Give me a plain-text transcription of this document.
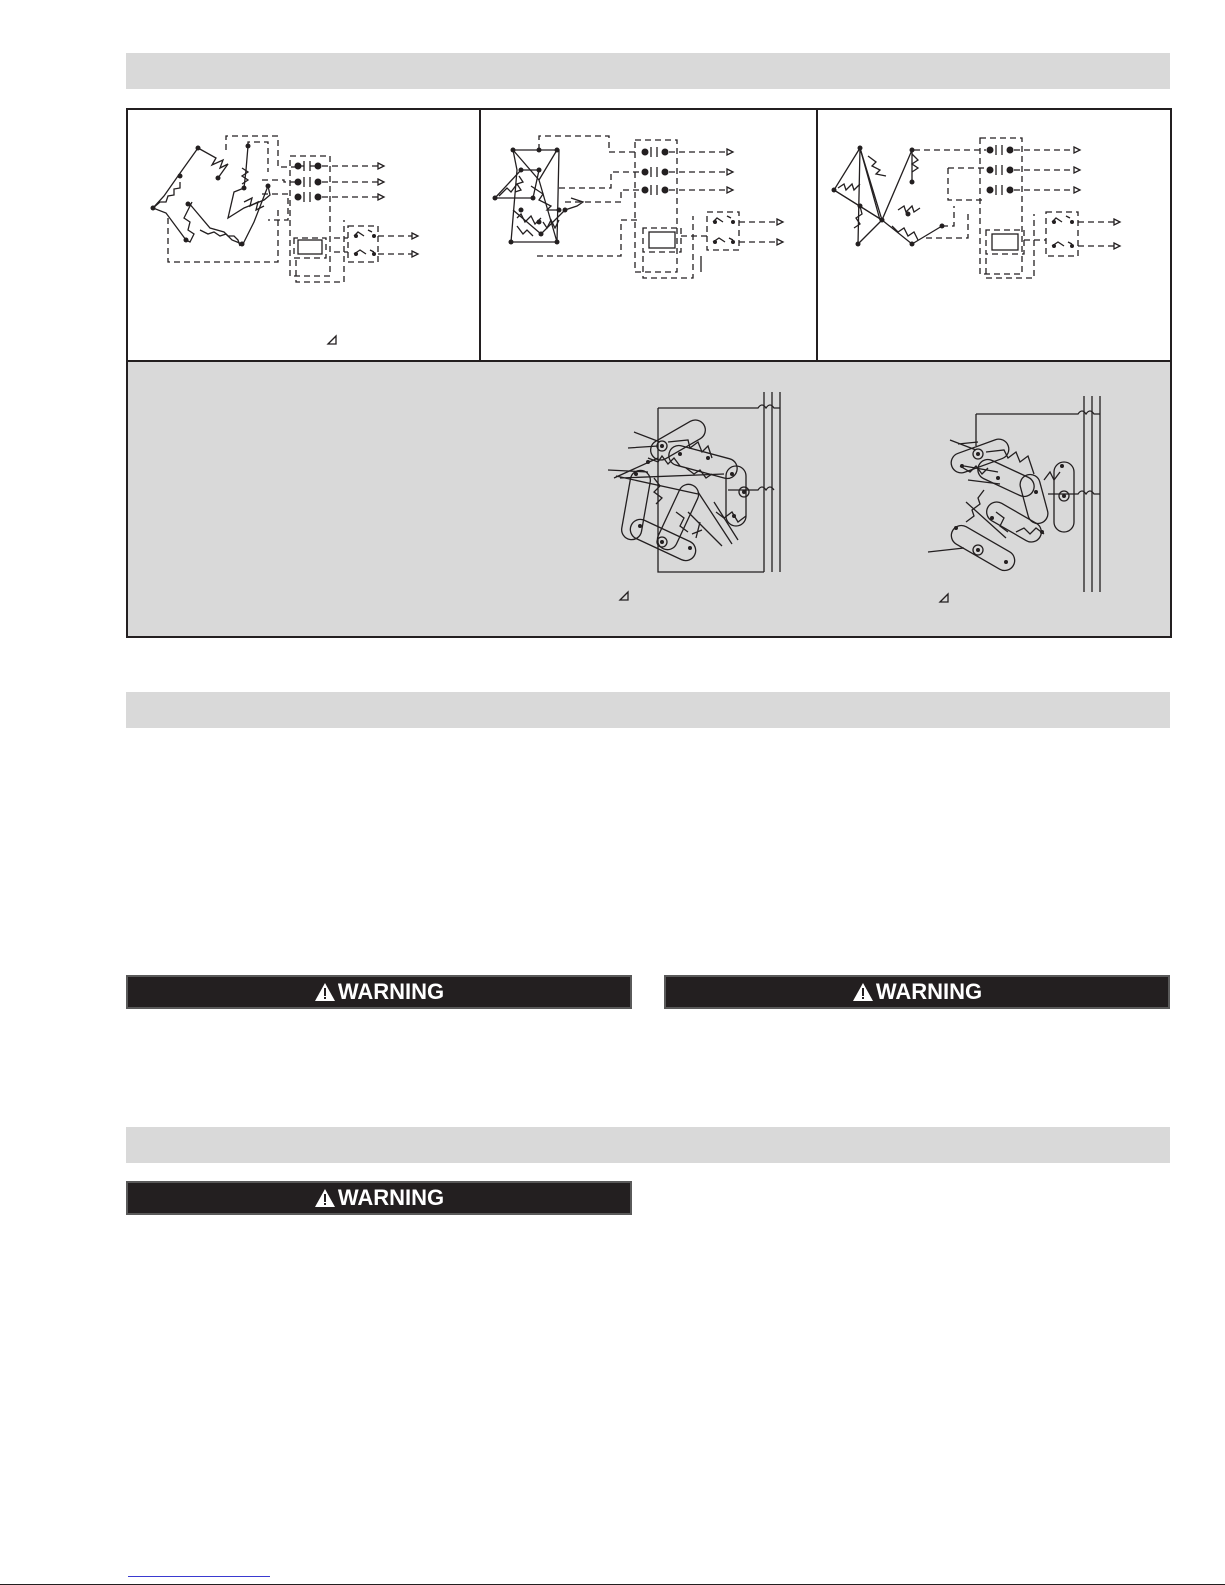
WARNING	WARNING
WARNING
